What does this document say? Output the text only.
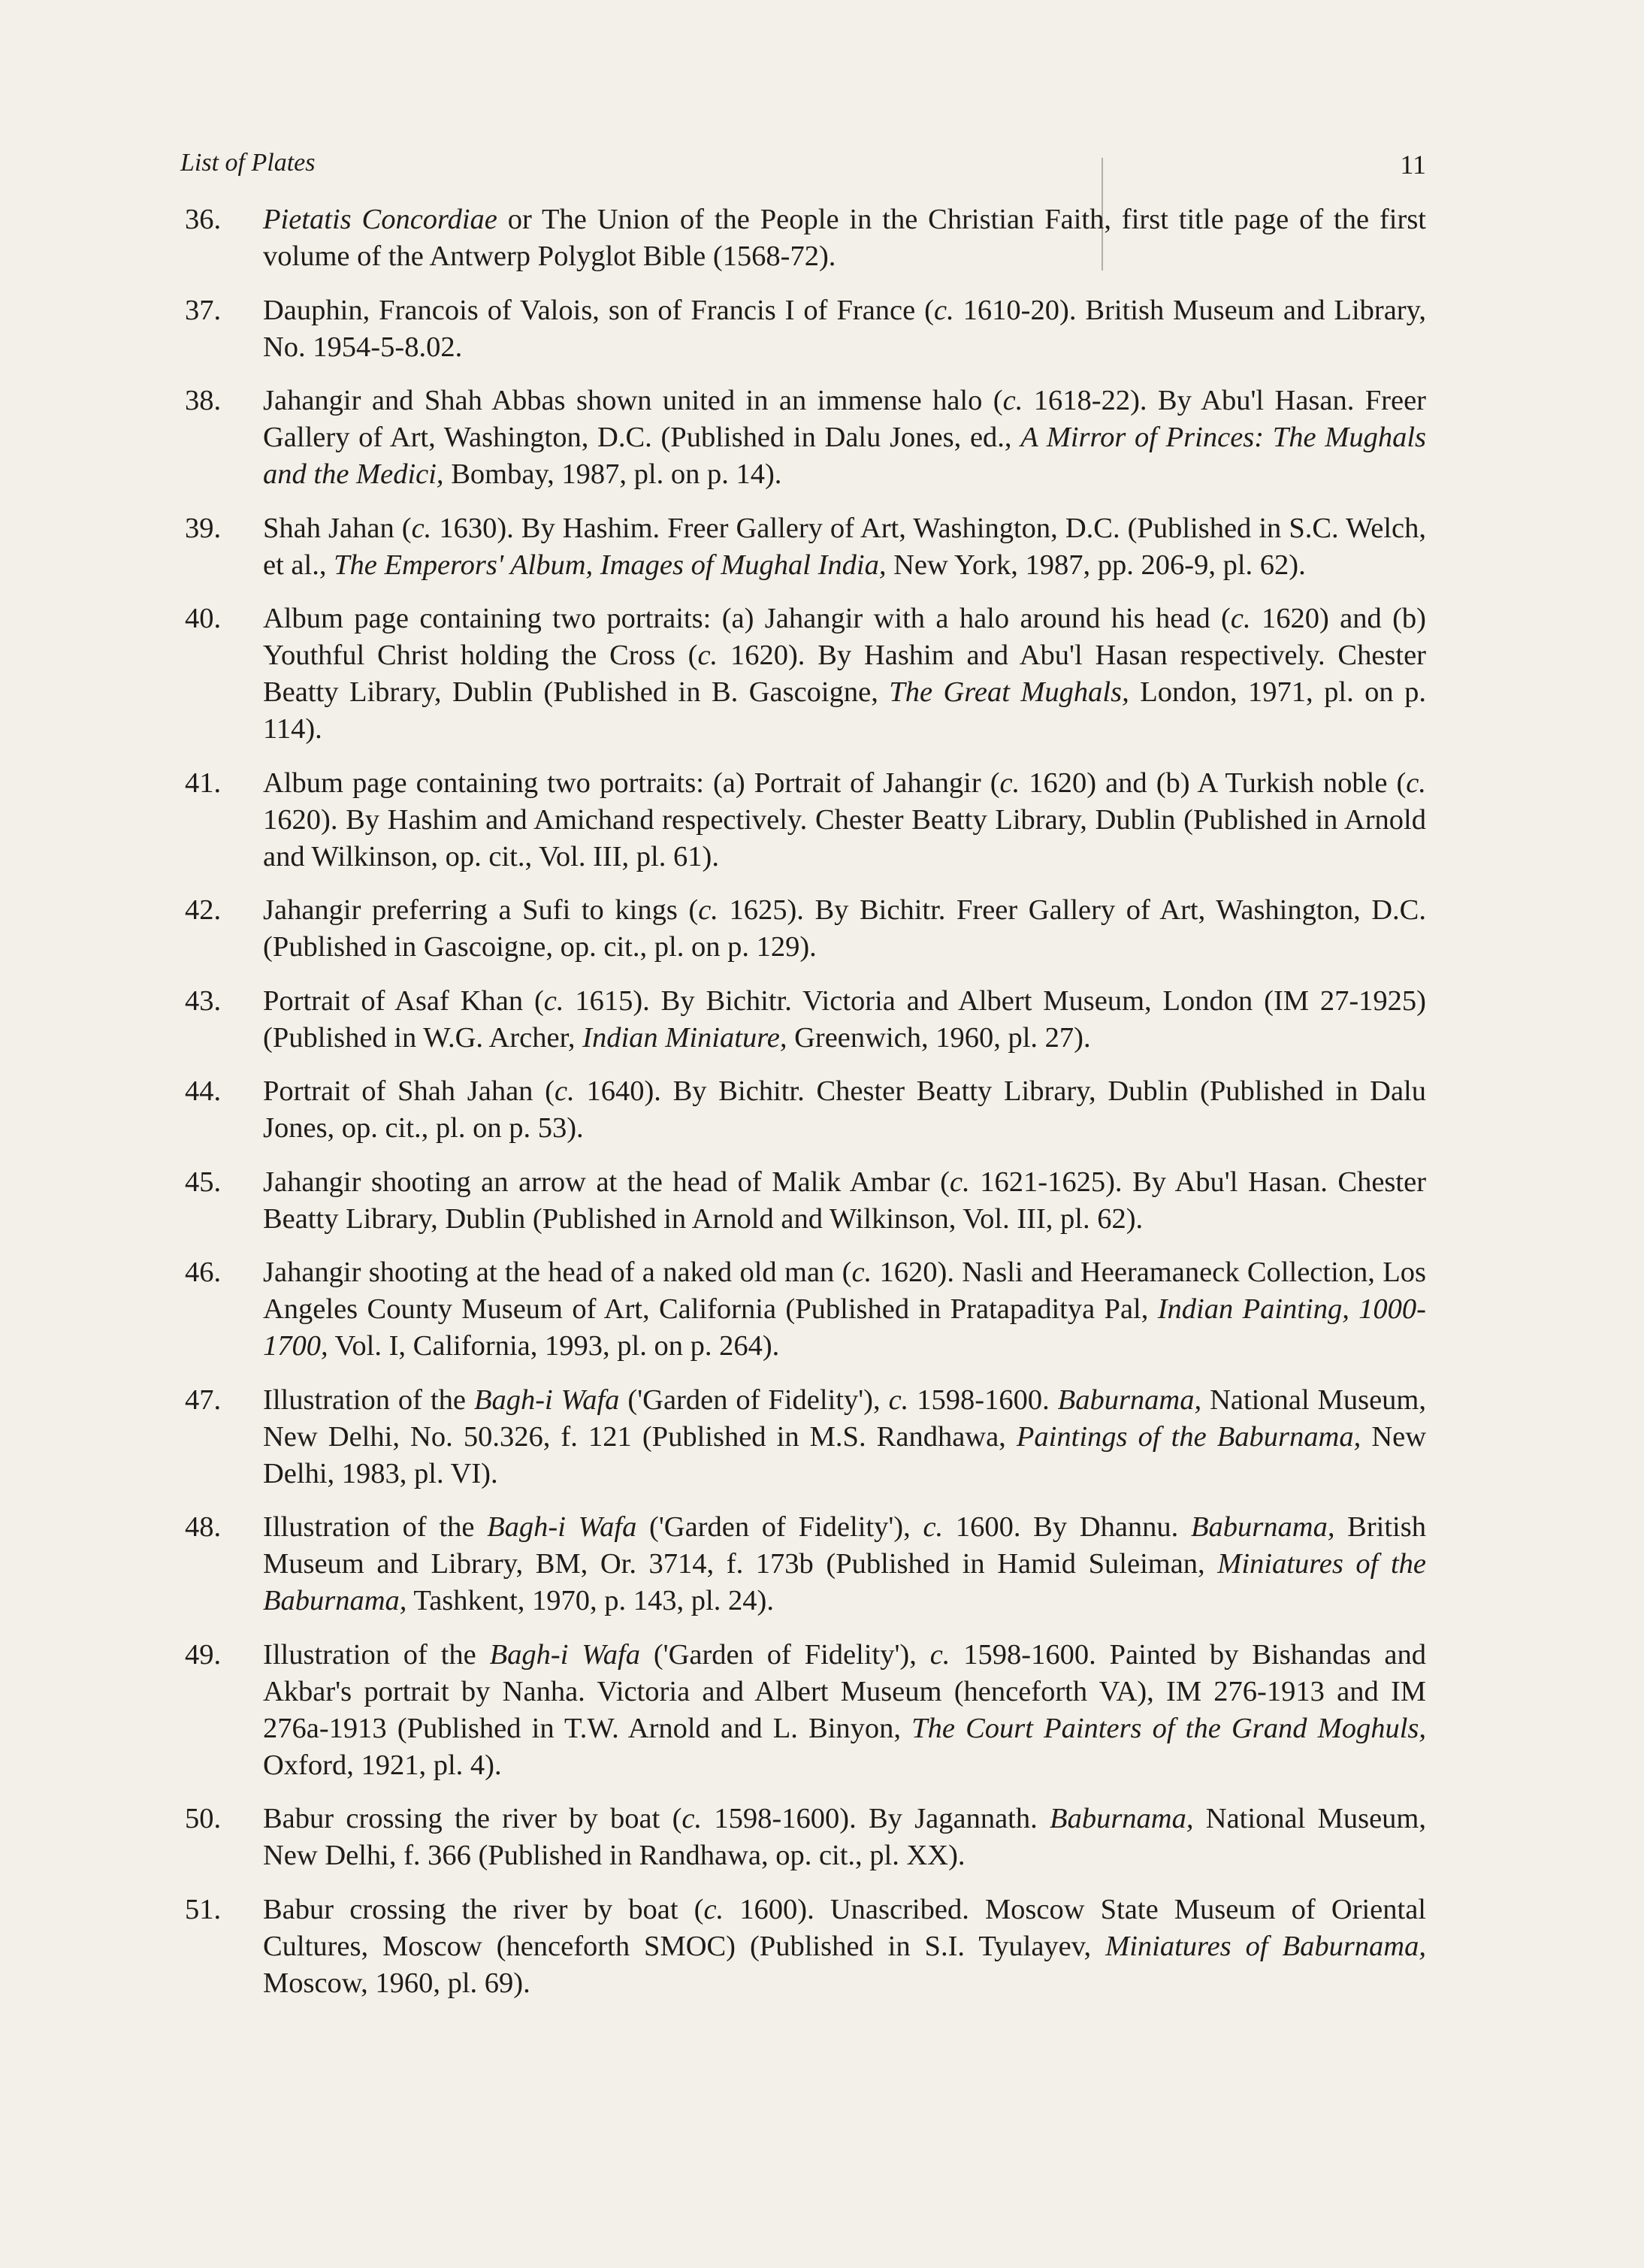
List of Plates	11
36. Pietatis Concordiae or The Union of the People in the Christian Faith, first title page of the first volume of the Antwerp Polyglot Bible (1568-72).
37. Dauphin, Francois of Valois, son of Francis I of France (c. 1610-20). British Museum and Library, No. 1954-5-8.02.
38. Jahangir and Shah Abbas shown united in an immense halo (c. 1618-22). By Abu'l Hasan. Freer Gallery of Art, Washington, D.C. (Published in Dalu Jones, ed., A Mirror of Princes: The Mughals and the Medici, Bombay, 1987, pl. on p. 14).
39. Shah Jahan (c. 1630). By Hashim. Freer Gallery of Art, Washington, D.C. (Published in S.C. Welch, et al., The Emperors' Album, Images of Mughal India, New York, 1987, pp. 206-9, pl. 62).
40. Album page containing two portraits: (a) Jahangir with a halo around his head (c. 1620) and (b) Youthful Christ holding the Cross (c. 1620). By Hashim and Abu'l Hasan respectively. Chester Beatty Library, Dublin (Published in B. Gascoigne, The Great Mughals, London, 1971, pl. on p. 114).
41. Album page containing two portraits: (a) Portrait of Jahangir (c. 1620) and (b) A Turkish noble (c. 1620). By Hashim and Amichand respectively. Chester Beatty Library, Dublin (Published in Arnold and Wilkinson, op. cit., Vol. III, pl. 61).
42. Jahangir preferring a Sufi to kings (c. 1625). By Bichitr. Freer Gallery of Art, Washington, D.C. (Published in Gascoigne, op. cit., pl. on p. 129).
43. Portrait of Asaf Khan (c. 1615). By Bichitr. Victoria and Albert Museum, London (IM 27-1925) (Published in W.G. Archer, Indian Miniature, Greenwich, 1960, pl. 27).
44. Portrait of Shah Jahan (c. 1640). By Bichitr. Chester Beatty Library, Dublin (Published in Dalu Jones, op. cit., pl. on p. 53).
45. Jahangir shooting an arrow at the head of Malik Ambar (c. 1621-1625). By Abu'l Hasan. Chester Beatty Library, Dublin (Published in Arnold and Wilkinson, Vol. III, pl. 62).
46. Jahangir shooting at the head of a naked old man (c. 1620). Nasli and Heeramaneck Collection, Los Angeles County Museum of Art, California (Published in Pratapaditya Pal, Indian Painting, 1000-1700, Vol. I, California, 1993, pl. on p. 264).
47. Illustration of the Bagh-i Wafa ('Garden of Fidelity'), c. 1598-1600. Baburnama, National Museum, New Delhi, No. 50.326, f. 121 (Published in M.S. Randhawa, Paintings of the Baburnama, New Delhi, 1983, pl. VI).
48. Illustration of the Bagh-i Wafa ('Garden of Fidelity'), c. 1600. By Dhannu. Baburnama, British Museum and Library, BM, Or. 3714, f. 173b (Published in Hamid Suleiman, Miniatures of the Baburnama, Tashkent, 1970, p. 143, pl. 24).
49. Illustration of the Bagh-i Wafa ('Garden of Fidelity'), c. 1598-1600. Painted by Bishandas and Akbar's portrait by Nanha. Victoria and Albert Museum (henceforth VA), IM 276-1913 and IM 276a-1913 (Published in T.W. Arnold and L. Binyon, The Court Painters of the Grand Moghuls, Oxford, 1921, pl. 4).
50. Babur crossing the river by boat (c. 1598-1600). By Jagannath. Baburnama, National Museum, New Delhi, f. 366 (Published in Randhawa, op. cit., pl. XX).
51. Babur crossing the river by boat (c. 1600). Unascribed. Moscow State Museum of Oriental Cultures, Moscow (henceforth SMOC) (Published in S.I. Tyulayev, Miniatures of Baburnama, Moscow, 1960, pl. 69).
